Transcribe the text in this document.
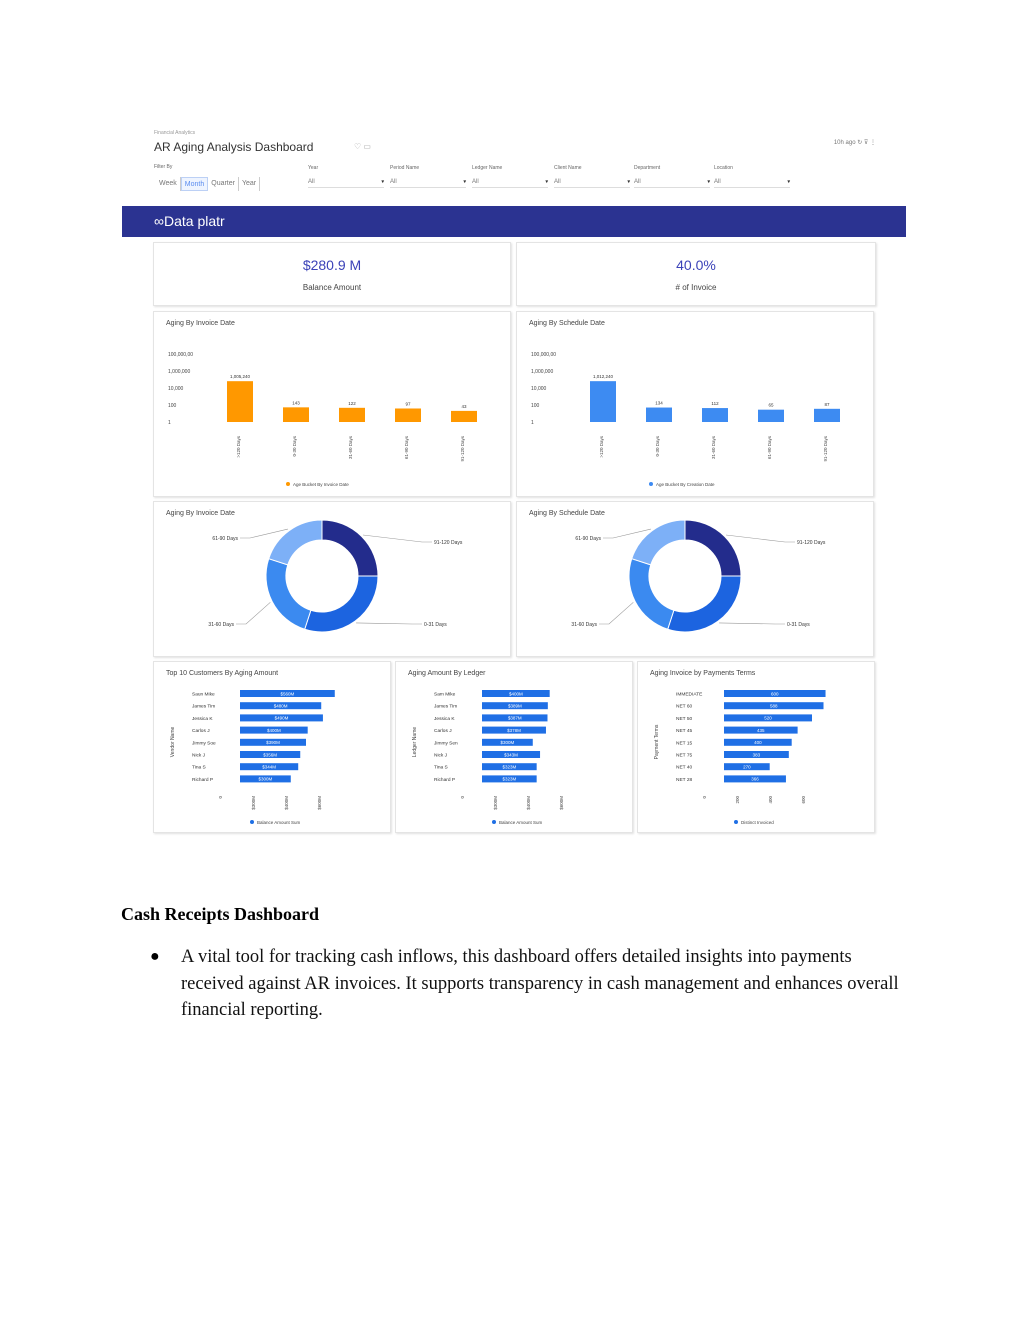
Financial Analytics
AR Aging Analysis Dashboard	♡ ▭	10h ago ↻ ⊽ ⋮
Filter By
Week	Month	Quarter	Year
Year
All	▾
Period Name
All	▾
Ledger Name
All	▾
Client Name
All	▾
Department
All	▾
Location
All	▾
∞Data platr
$280.9 M
Balance Amount
40.0%
# of Invoice
Aging By Invoice Date
100,000,00
1,000,000
10,000
100
1
1,005,240
>120 Days
143
0-30 Days
122
31-60 Days
97
61-90 Days
43
91-120 Days
Age Bucket By Invoice Date
Aging By Schedule Date
100,000,00
1,000,000
10,000
100
1
1,012,240
>120 Days
134
0-30 Days
112
31-60 Days
65
61-90 Days
87
91-120 Days
Age Bucket By Creation Date
Aging By Invoice Date
91-120 Days
0-31 Days
31-60 Days
61-90 Days
Aging By Schedule Date
91-120 Days
0-31 Days
31-60 Days
61-90 Days
Top 10 Customers By Aging Amount
Vendor Name
Saun Mike	$560M
James Tim	$480M
Jessica K	$490M
Carlos J	$400M
Jimmy Soe	$390M
Nick J	$356M
Tina S	$344M
Richard P	$300M
0	$300M	$400M	$600M
Balance Amount Sum
Aging Amount By Ledger
Ledger Name
Sam Mike	$400M
James Tim	$389M
Jessica K	$387M
Carlos J	$378M
Jimmy Sen	$300M
Nick J	$343M
Tina S	$323M
Richard P	$323M
0	$300M	$400M	$600M
Balance Amount Sum
Aging Invoice by Payments Terms
Payment Terms
IMMEDIATE	600
NET 60	588
NET 50	520
NET 45	435
NET 15	400
NET 75	383
NET 40	270
NET 28	366
0	200	400	600
Distinct Invoiced
Cash Receipts Dashboard
● A vital tool for tracking cash inflows, this dashboard offers detailed insights into payments received against AR invoices. It supports transparency in cash management and enhances overall financial reporting.
